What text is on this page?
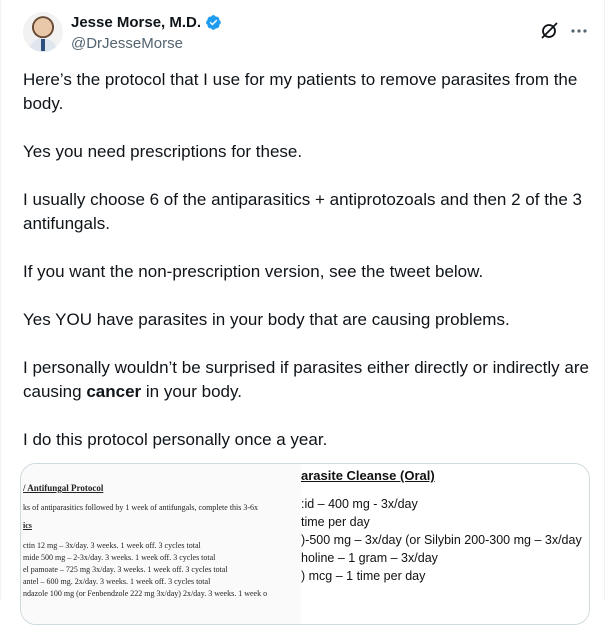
Jesse Morse, M.D.
@DrJesseMorse

Here’s the protocol that I use for my patients to remove parasites from the body.

Yes you need prescriptions for these.

I usually choose 6 of the antiparasitics + antiprotozoals and then 2 of the 3 antifungals.

If you want the non-prescription version, see the tweet below.

Yes YOU have parasites in your body that are causing problems.

I personally wouldn’t be surprised if parasites either directly or indirectly are causing cancer in your body.

I do this protocol personally once a year.

/ Antifungal Protocol
ks of antiparasitics followed by 1 week of antifungals, complete this 3-6x
ics
ctin 12 mg – 3x/day. 3 weeks. 1 week off. 3 cycles total
mide 500 mg – 2-3x/day. 3 weeks. 1 week off. 3 cycles total
el pamoate – 725 mg 3x/day. 3 weeks. 1 week off. 3 cycles total
antel – 600 mg. 2x/day. 3 weeks. 1 week off. 3 cycles total
ndazole 100 mg (or Fenbendzole 222 mg 3x/day) 2x/day. 3 weeks. 1 week o
arasite Cleanse (Oral)
:id – 400 mg - 3x/day
time per day
)-500 mg – 3x/day (or Silybin 200-300 mg – 3x/day
holine – 1 gram – 3x/day
) mcg – 1 time per day
